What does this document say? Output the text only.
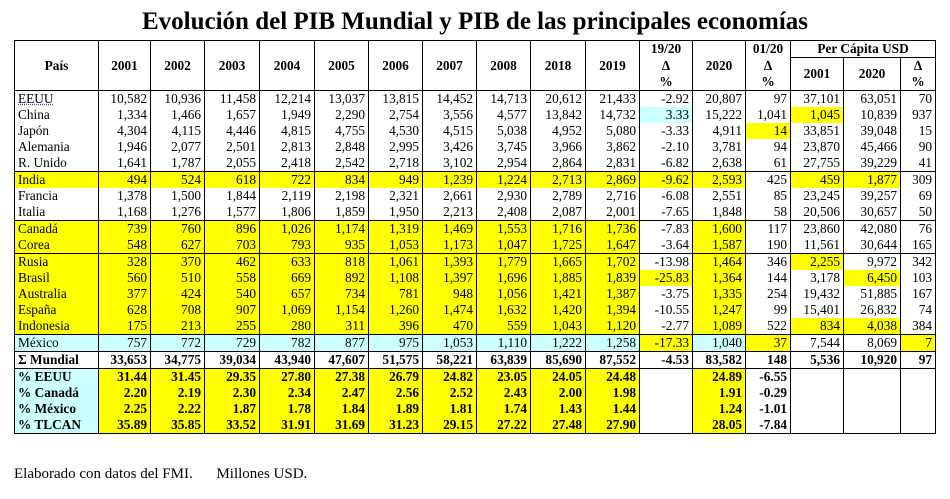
Evolución del PIB Mundial y PIB de las principales economías
País	2001	2002	2003	2004	2005	2006	2007	2008	2018	2019	19/20	2020	01/20	Per Cápita USD		
											Δ		Δ	2001	2020	Δ
											%		%			%
EEUU	10,582	10,936	11,458	12,214	13,037	13,815	14,452	14,713	20,612	21,433	-2.92	20,807	97	37,101	63,051	70
China	1,334	1,466	1,657	1,949	2,290	2,754	3,556	4,577	13,842	14,732	3.33	15,222	1,041	1,045	10,839	937
Japón	4,304	4,115	4,446	4,815	4,755	4,530	4,515	5,038	4,952	5,080	-3.33	4,911	14	33,851	39,048	15
Alemania	1,946	2,077	2,501	2,813	2,848	2,995	3,426	3,745	3,966	3,862	-2.10	3,781	94	23,870	45,466	90
R. Unido	1,641	1,787	2,055	2,418	2,542	2,718	3,102	2,954	2,864	2,831	-6.82	2,638	61	27,755	39,229	41
India	494	524	618	722	834	949	1,239	1,224	2,713	2,869	-9.62	2,593	425	459	1,877	309
Francia	1,378	1,500	1,844	2,119	2,198	2,321	2,661	2,930	2,789	2,716	-6.08	2,551	85	23,245	39,257	69
Italia	1,168	1,276	1,577	1,806	1,859	1,950	2,213	2,408	2,087	2,001	-7.65	1,848	58	20,506	30,657	50
Canadá	739	760	896	1,026	1,174	1,319	1,469	1,553	1,716	1,736	-7.83	1,600	117	23,860	42,080	76
Corea	548	627	703	793	935	1,053	1,173	1,047	1,725	1,647	-3.64	1,587	190	11,561	30,644	165
Rusia	328	370	462	633	818	1,061	1,393	1,779	1,665	1,702	-13.98	1,464	346	2,255	9,972	342
Brasil	560	510	558	669	892	1,108	1,397	1,696	1,885	1,839	-25.83	1,364	144	3,178	6,450	103
Australia	377	424	540	657	734	781	948	1,056	1,421	1,387	-3.75	1,335	254	19,432	51,885	167
España	628	708	907	1,069	1,154	1,260	1,474	1,632	1,420	1,394	-10.55	1,247	99	15,401	26,832	74
Indonesia	175	213	255	280	311	396	470	559	1,043	1,120	-2.77	1,089	522	834	4,038	384
México	757	772	729	782	877	975	1,053	1,110	1,222	1,258	-17.33	1,040	37	7,544	8,069	7
Σ Mundial	33,653	34,775	39,034	43,940	47,607	51,575	58,221	63,839	85,690	87,552	-4.53	83,582	148	5,536	10,920	97
% EEUU	31.44	31.45	29.35	27.80	27.38	26.79	24.82	23.05	24.05	24.48		24.89	-6.55			
% Canadá	2.20	2.19	2.30	2.34	2.47	2.56	2.52	2.43	2.00	1.98		1.91	-0.29			
% México	2.25	2.22	1.87	1.78	1.84	1.89	1.81	1.74	1.43	1.44		1.24	-1.01			
% TLCAN	35.89	35.85	33.52	31.91	31.69	31.23	29.15	27.22	27.48	27.90		28.05	-7.84			
Elaborado con datos del FMI. Millones USD.
